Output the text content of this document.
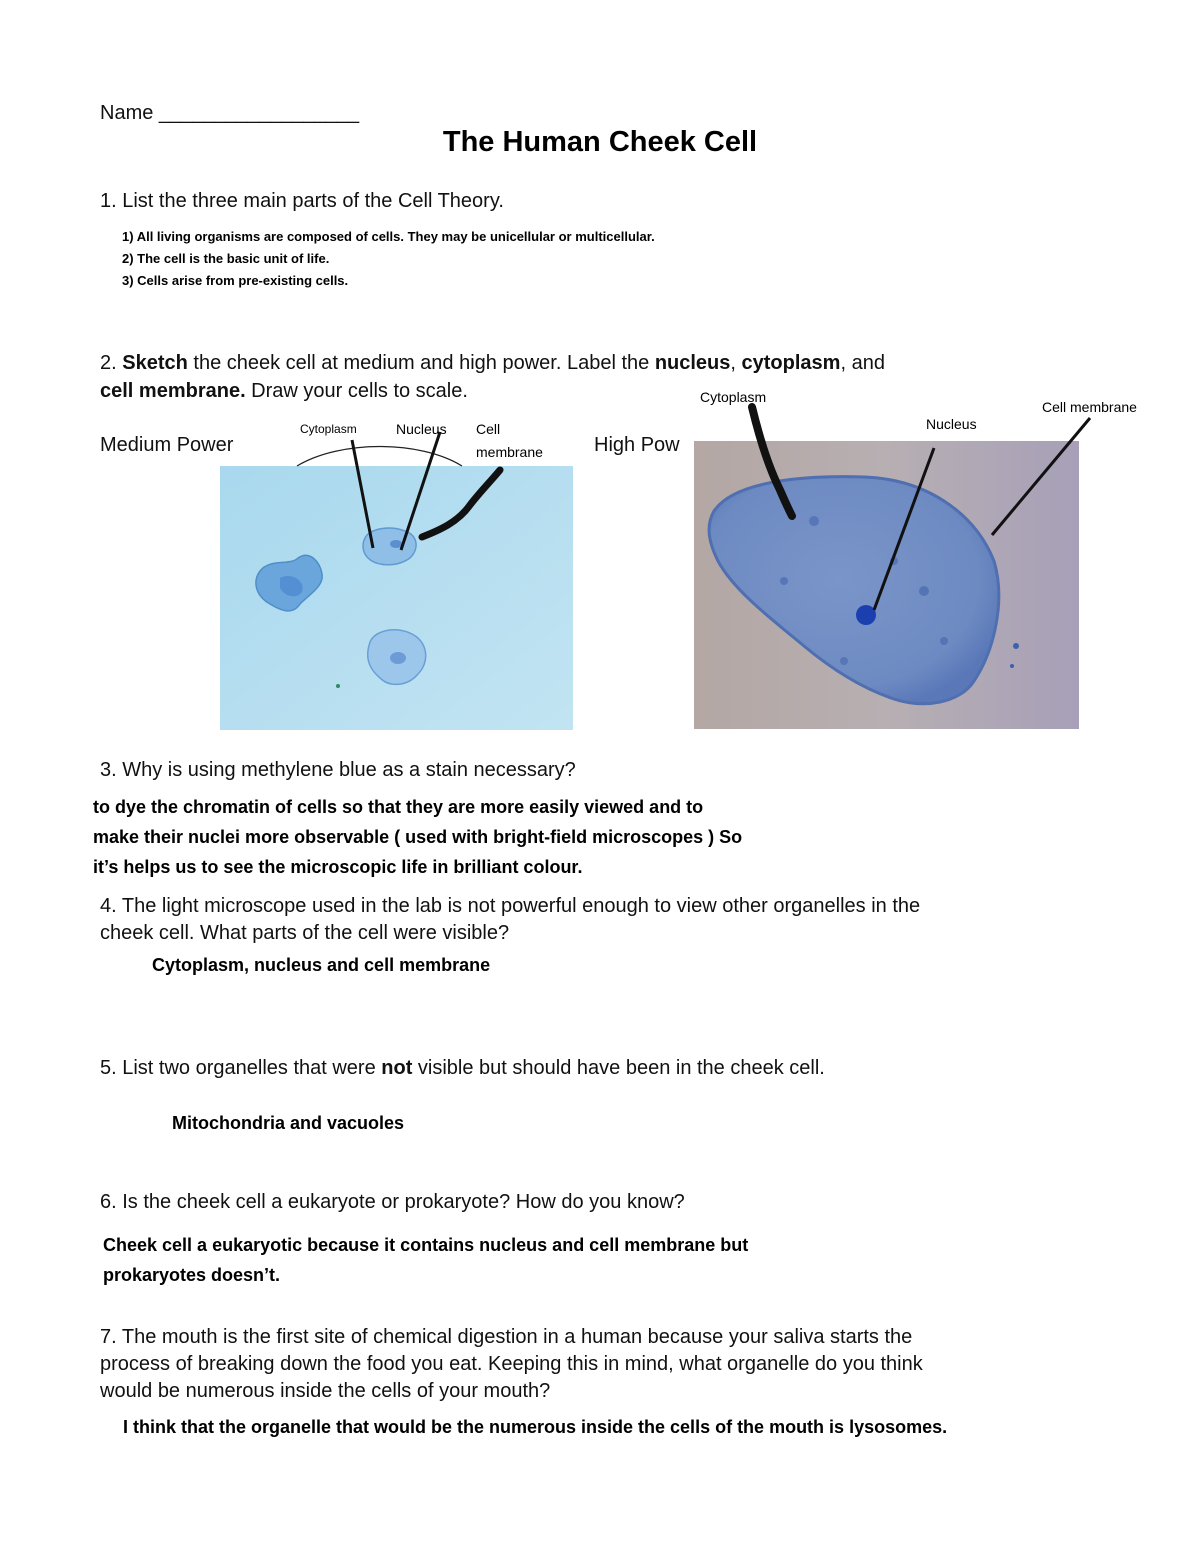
Name __________________
The Human Cheek Cell
1. List the three main parts of the Cell Theory.
1) All living organisms are composed of cells. They may be unicellular or multicellular.
2) The cell is the basic unit of life.
3) Cells arise from pre-existing cells.
2. Sketch the cheek cell at medium and high power. Label the nucleus, cytoplasm, and
cell membrane. Draw your cells to scale.
Medium Power	High Pow
Cytoplasm	Nucleus Cell
membrane
Cytoplasm
Nucleus
Cell membrane
3. Why is using methylene blue as a stain necessary?
to dye the chromatin of cells so that they are more easily viewed and to
make their nuclei more observable ( used with bright-field microscopes ) So
it’s helps us to see the microscopic life in brilliant colour.
4. The light microscope used in the lab is not powerful enough to view other organelles in the
cheek cell. What parts of the cell were visible?
Cytoplasm, nucleus and cell membrane
5. List two organelles that were not visible but should have been in the cheek cell.
Mitochondria and vacuoles
6. Is the cheek cell a eukaryote or prokaryote? How do you know?
Cheek cell a eukaryotic because it contains nucleus and cell membrane but
prokaryotes doesn’t.
7. The mouth is the first site of chemical digestion in a human because your saliva starts the
process of breaking down the food you eat. Keeping this in mind, what organelle do you think
would be numerous inside the cells of your mouth?
I think that the organelle that would be the numerous inside the cells of the mouth is lysosomes.
